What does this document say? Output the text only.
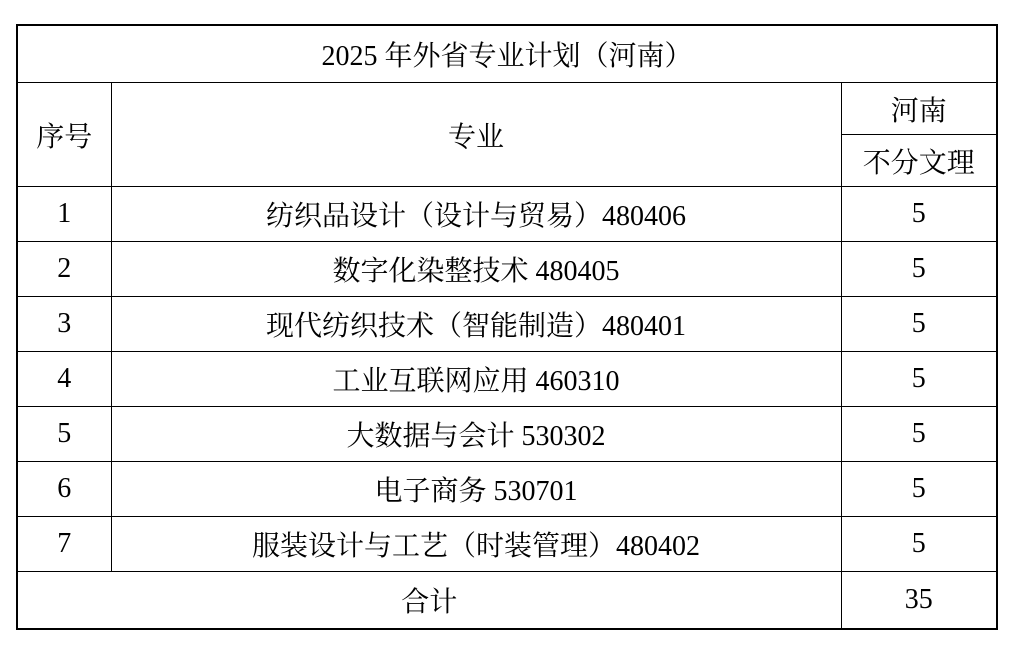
2025 年外省专业计划（河南）		
序号	专业	河南
		不分文理
1	纺织品设计（设计与贸易）480406	5
2	数字化染整技术 480405	5
3	现代纺织技术（智能制造）480401	5
4	工业互联网应用 460310	5
5	大数据与会计 530302	5
6	电子商务 530701	5
7	服装设计与工艺（时装管理）480402	5
合计		35
